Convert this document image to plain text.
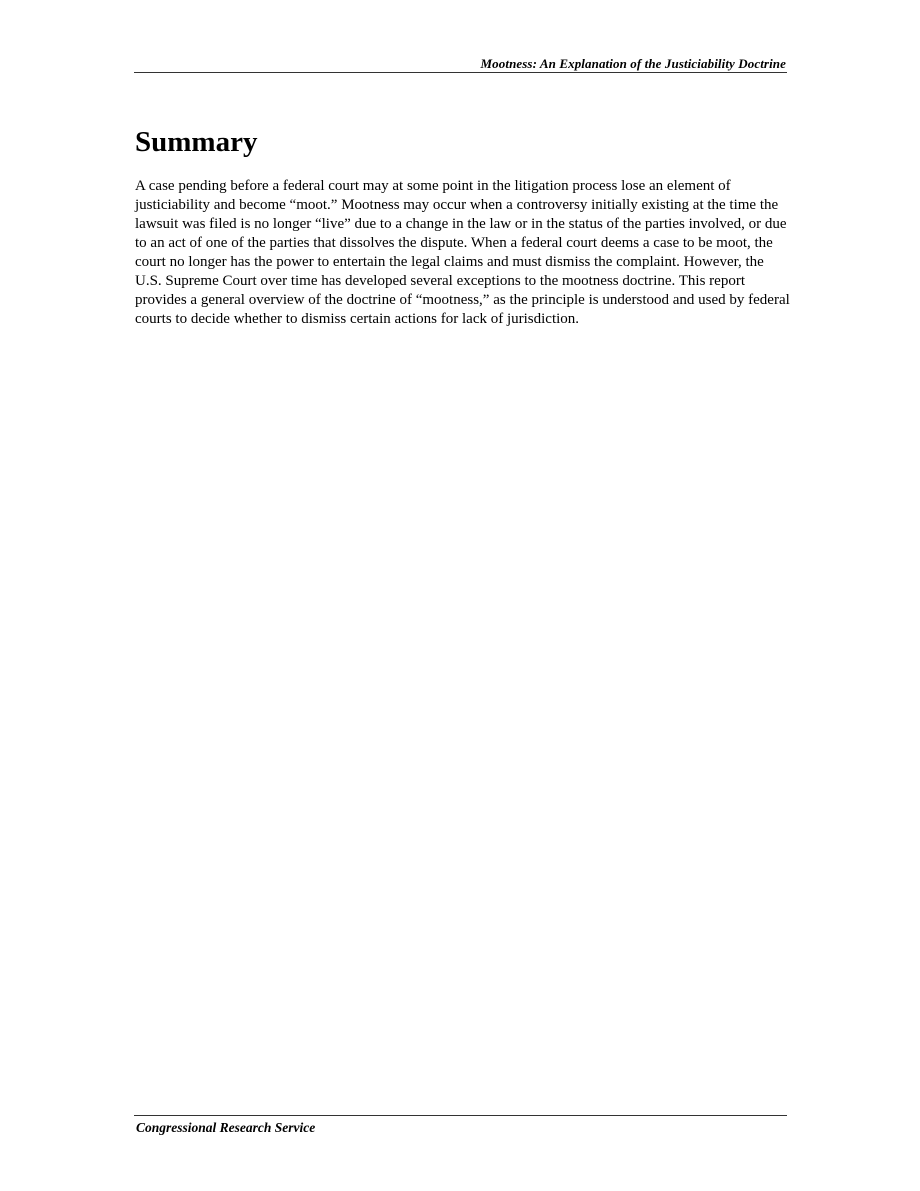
Mootness: An Explanation of the Justiciability Doctrine
Summary

A case pending before a federal court may at some point in the litigation process lose an element of justiciability and become “moot.” Mootness may occur when a controversy initially existing at the time the lawsuit was filed is no longer “live” due to a change in the law or in the status of the parties involved, or due to an act of one of the parties that dissolves the dispute. When a federal court deems a case to be moot, the court no longer has the power to entertain the legal claims and must dismiss the complaint. However, the U.S. Supreme Court over time has developed several exceptions to the mootness doctrine. This report provides a general overview of the doctrine of “mootness,” as the principle is understood and used by federal courts to decide whether to dismiss certain actions for lack of jurisdiction.

Congressional Research Service
